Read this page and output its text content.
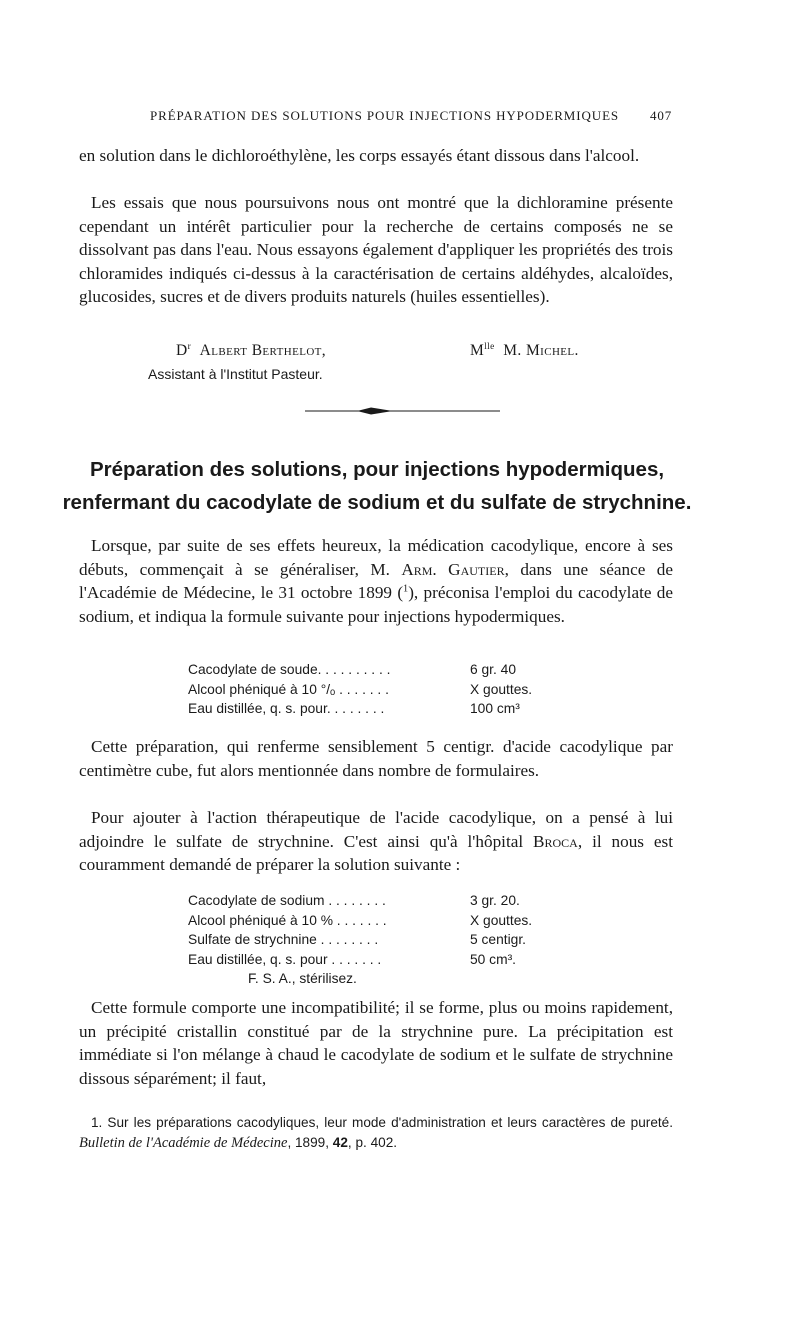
PRÉPARATION DES SOLUTIONS POUR INJECTIONS HYPODERMIQUES 407

en solution dans le dichloroéthylène, les corps essayés étant dissous dans l'alcool.

Les essais que nous poursuivons nous ont montré que la dichloramine présente cependant un intérêt particulier pour la recherche de certains composés ne se dissolvant pas dans l'eau. Nous essayons également d'appliquer les propriétés des trois chloramides indiqués ci-dessus à la caractérisation de certains aldéhydes, alcaloïdes, glucosides, sucres et de divers produits naturels (huiles essentielles).

$D^r$ Albert Berthelot,
Assistant à l'Institut Pasteur.
$M^{lle}$ M. Michel.
Préparation des solutions, pour injections hypodermiques,
renfermant du cacodylate de sodium et du sulfate de strychnine.

Lorsque, par suite de ses effets heureux, la médication cacodylique, encore à ses débuts, commençait à se généraliser, M. Arm. Gautier, dans une séance de l'Académie de Médecine, le 31 octobre 1899 ($^1$), préconisa l'emploi du cacodylate de sodium, et indiqua la formule suivante pour injections hypodermiques.

Cacodylate de soude. . . . . . . . . .	6 gr. 40
Alcool phéniqué à 10 °/ₒ . . . . . . .	X gouttes.
Eau distillée, q. s. pour. . . . . . . .	100 cm³

Cette préparation, qui renferme sensiblement 5 centigr. d'acide cacodylique par centimètre cube, fut alors mentionnée dans nombre de formulaires.

Pour ajouter à l'action thérapeutique de l'acide cacodylique, on a pensé à lui adjoindre le sulfate de strychnine. C'est ainsi qu'à l'hôpital Broca, il nous est couramment demandé de préparer la solution suivante :

Cacodylate de sodium . . . . . . . .	3 gr. 20.
Alcool phéniqué à 10 % . . . . . . .	X gouttes.
Sulfate de strychnine . . . . . . . .	5 centigr.
Eau distillée, q. s. pour . . . . . . .	50 cm³.
F. S. A., stérilisez.

Cette formule comporte une incompatibilité; il se forme, plus ou moins rapidement, un précipité cristallin constitué par de la strychnine pure. La précipitation est immédiate si l'on mélange à chaud le cacodylate de sodium et le sulfate de strychnine dissous séparément; il faut,

1. Sur les préparations cacodyliques, leur mode d'administration et leurs caractères de pureté. Bulletin de l'Académie de Médecine, 1899, 42, p. 402.
